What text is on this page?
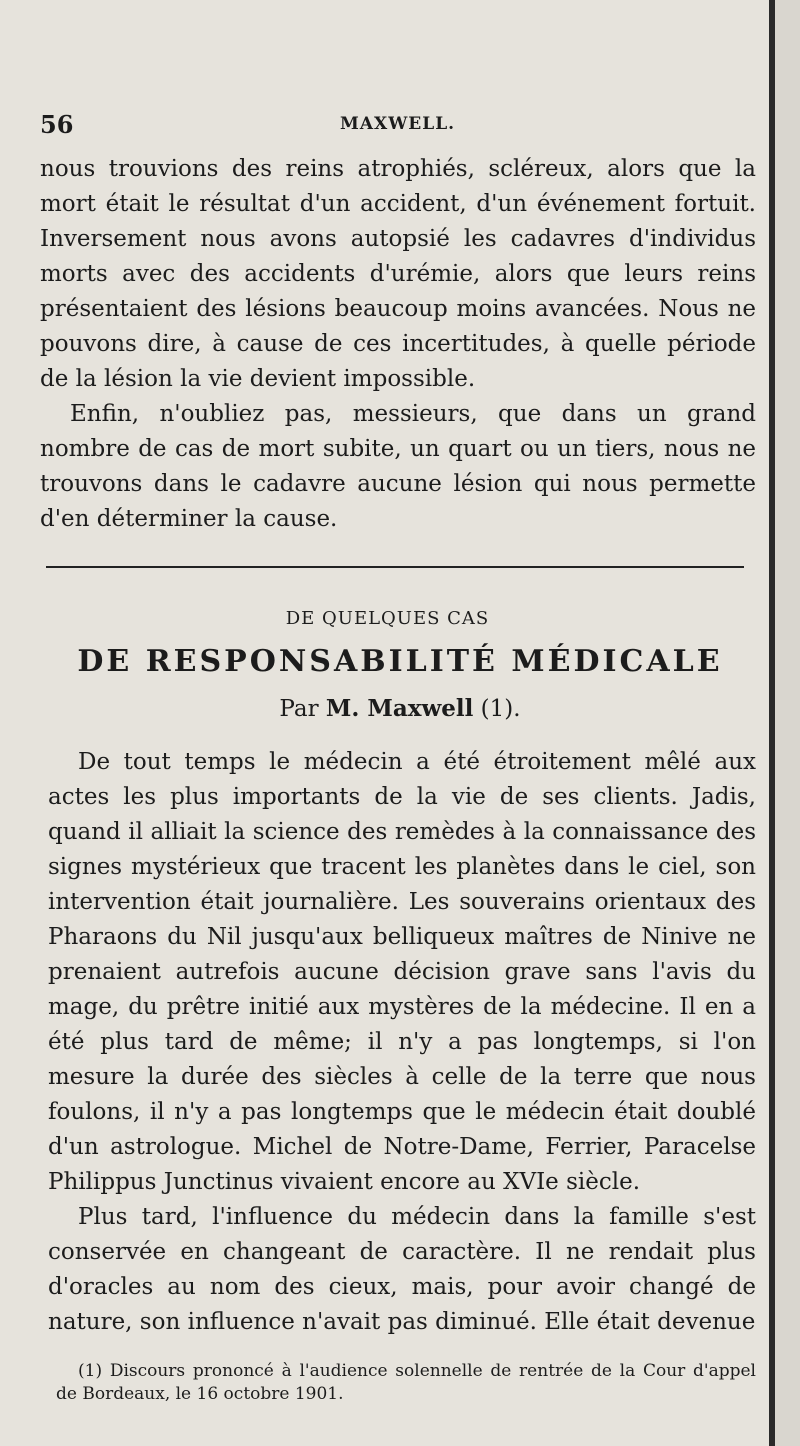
56	MAXWELL.

nous trouvions des reins atrophiés, scléreux, alors que la mort était le résultat d'un accident, d'un événement fortuit. Inversement nous avons autopsié les cadavres d'individus morts avec des accidents d'urémie, alors que leurs reins présentaient des lésions beaucoup moins avancées. Nous ne pouvons dire, à cause de ces incertitudes, à quelle période de la lésion la vie devient impossible.

Enfin, n'oubliez pas, messieurs, que dans un grand nombre de cas de mort subite, un quart ou un tiers, nous ne trouvons dans le cadavre aucune lésion qui nous permette d'en déterminer la cause.

DE QUELQUES CAS
DE RESPONSABILITÉ MÉDICALE
Par M. Maxwell (1).

De tout temps le médecin a été étroitement mêlé aux actes les plus importants de la vie de ses clients. Jadis, quand il alliait la science des remèdes à la connaissance des signes mystérieux que tracent les planètes dans le ciel, son intervention était journalière. Les souverains orientaux des Pharaons du Nil jusqu'aux belliqueux maîtres de Ninive ne prenaient autrefois aucune décision grave sans l'avis du mage, du prêtre initié aux mystères de la médecine. Il en a été plus tard de même; il n'y a pas longtemps, si l'on mesure la durée des siècles à celle de la terre que nous foulons, il n'y a pas longtemps que le médecin était doublé d'un astrologue. Michel de Notre-Dame, Ferrier, Paracelse Philippus Junctinus vivaient encore au XVIe siècle.

Plus tard, l'influence du médecin dans la famille s'est conservée en changeant de caractère. Il ne rendait plus d'oracles au nom des cieux, mais, pour avoir changé de nature, son influence n'avait pas diminué. Elle était devenue

(1) Discours prononcé à l'audience solennelle de rentrée de la Cour d'appel de Bordeaux, le 16 octobre 1901.
